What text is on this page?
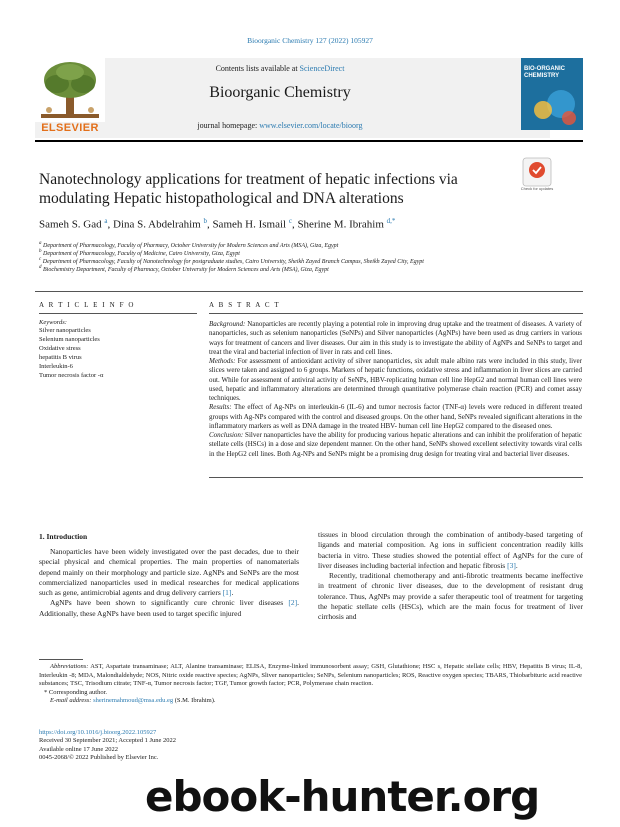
Bioorganic Chemistry 127 (2022) 105927
ELSEVIER
Contents lists available at ScienceDirect
Bioorganic Chemistry
journal homepage: www.elsevier.com/locate/bioorg
BIO-ORGANIC CHEMISTRY
Nanotechnology applications for treatment of hepatic infections via
modulating Hepatic histopathological and DNA alterations
Check for updates
Sameh S. Gad $^a$, Dina S. Abdelrahim $^b$, Sameh H. Ismail $^c$, Sherine M. Ibrahim $^{d,*}$
$^a$ Department of Pharmacology, Faculty of Pharmacy, October University for Modern Sciences and Arts (MSA), Giza, Egypt
$^b$ Department of Pharmacology, Faculty of Medicine, Cairo University, Giza, Egypt
$^c$ Department of Pharmacology, Faculty of Nanotechnology for postgraduate studies, Cairo University, Sheikh Zayed Branch Campus, Sheikh Zayed City, Egypt
$^d$ Biochemistry Department, Faculty of Pharmacy, October University for Modern Sciences and Arts (MSA), Giza, Egypt
A R T I C L E I N F O	A B S T R A C T
Keywords:
Silver nanoparticles
Selenium nanoparticles
Oxidative stress
hepatitis B virus
Interleukin-6
Tumor necrosis factor -α

Background: Nanoparticles are recently playing a potential role in improving drug uptake and the treatment of diseases. A variety of nanoparticles, such as selenium nanoparticles (SeNPs) and Silver nanoparticles (AgNPs) have been used as drug carriers in various ways for treatment of cancers and liver diseases. Our aim in this study is to investigate the ability of AgNPs and SeNPs to target and treat the viral and bacterial infection of liver in rats and cell lines.

Methods: For assessment of antioxidant activity of silver nanoparticles, six adult male albino rats were included in this study, liver slices were taken and assigned to 6 groups. Markers of hepatic functions, oxidative stress and inflammation in liver slices are carried out. While for assessment of antiviral activity of SeNPs, HBV-replicating human cell line HepG2 and normal human cell lines were used, hepatic and inflammatory alterations are determined through quantitative polymerase chain reaction (PCR) and comet assay techniques.

Results: The effect of Ag-NPs on interleukin-6 (IL-6) and tumor necrosis factor (TNF-α) levels were reduced in different treated groups with Ag-NPs compared with the control and diseased groups. On the other hand, SeNPs revealed significant alterations in the inflammatory markers as well as DNA damage in the treated HBV- human cell line HepG2 compared to the diseased ones.

Conclusion: Silver nanoparticles have the ability for producing various hepatic alterations and can inhibit the proliferation of hepatic stellate cells (HSCs) in a dose and size dependent manner. On the other hand, SeNPs showed excellent selectivity towards viral cells in the HepG2 cell lines. Both Ag-NPs and SeNPs might be a promising drug design for treating viral and bacterial liver diseases.

1. Introduction

Nanoparticles have been widely investigated over the past decades, due to their special physical and chemical properties. The main properties of nanomaterials depend mainly on their morphology and particle size. AgNPs and SeNPs are the most commercialized nanoparticles used in medical researches for medical applications such as gene, antimicrobial agents and drug delivery carriers [1].

AgNPs have been shown to significantly cure chronic liver diseases [2]. Additionally, these AgNPs have been used to target specific injured

tissues in blood circulation through the combination of antibody-based targeting of ligands and material composition. Ag ions in sufficient concentration readily kills bacteria in vitro. These studies showed the potential effect of AgNPs for the cure of liver diseases including bacterial infection and hepatic fibrosis [3].

Recently, traditional chemotherapy and anti-fibrotic treatments became ineffective in treatment of chronic liver diseases, due to the development of resistant drug tolerance. Thus, AgNPs may provide a safer therapeutic tool of treatment for targeting the hepatic stellate cells (HSCs), which are the main focus for treatment of liver cirrhosis and

Abbreviations: AST, Aspartate transaminase; ALT, Alanine transaminase; ELISA, Enzyme-linked immunosorbent assay; GSH, Glutathione; HSC s, Hepatic stellate cells; HBV, Hepatitis B virus; IL-8, Interleukin -8; MDA, Malondialdehyde; NOS, Nitric oxide reactive species; AgNPs, Sliver nanoparticles; SeNPs, Selenium nanoparticles; ROS, Reactive oxygen species; TBARS, Thiobarbituric acid reactive substances; TSC, Trisodium citrate; TNF-α, Tumor necrosis factor; TGF, Tumor growth factor; PCR, Polymerase chain reaction.

* Corresponding author.

E-mail address: sherinemahmoud@msa.edu.eg (S.M. Ibrahim).

https://doi.org/10.1016/j.bioorg.2022.105927
Received 30 September 2021; Accepted 1 June 2022
Available online 17 June 2022
0045-2068/© 2022 Published by Elsevier Inc.
ebook-hunter.org
